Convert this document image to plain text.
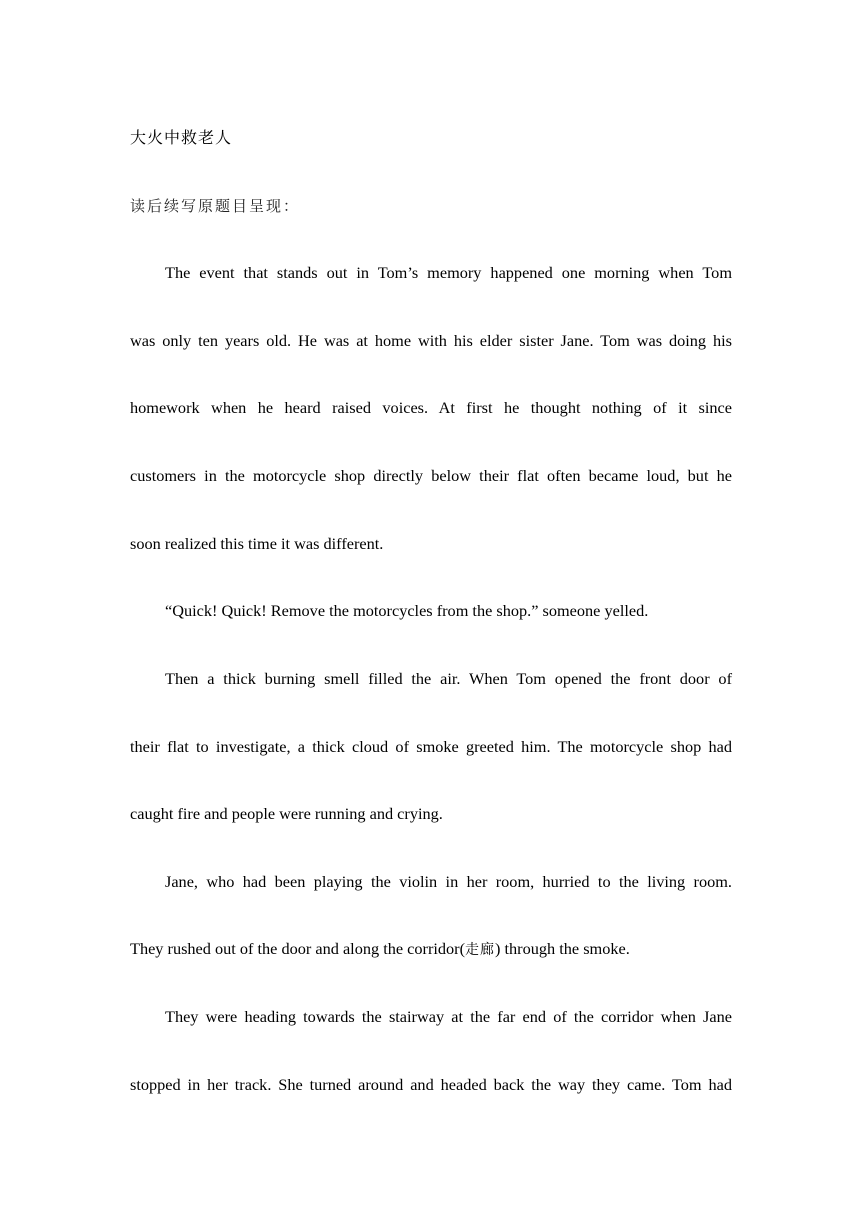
大火中救老人
读后续写原题目呈现：
The event that stands out in Tom’s memory happened one morning when Tom
was only ten years old. He was at home with his elder sister Jane. Tom was doing his
homework when he heard raised voices. At first he thought nothing of it since
customers in the motorcycle shop directly below their flat often became loud, but he
soon realized this time it was different.
“Quick! Quick! Remove the motorcycles from the shop.” someone yelled.
Then a thick burning smell filled the air. When Tom opened the front door of
their flat to investigate, a thick cloud of smoke greeted him. The motorcycle shop had
caught fire and people were running and crying.
Jane, who had been playing the violin in her room, hurried to the living room.
They rushed out of the door and along the corridor(走廊) through the smoke.
They were heading towards the stairway at the far end of the corridor when Jane
stopped in her track. She turned around and headed back the way they came. Tom had
